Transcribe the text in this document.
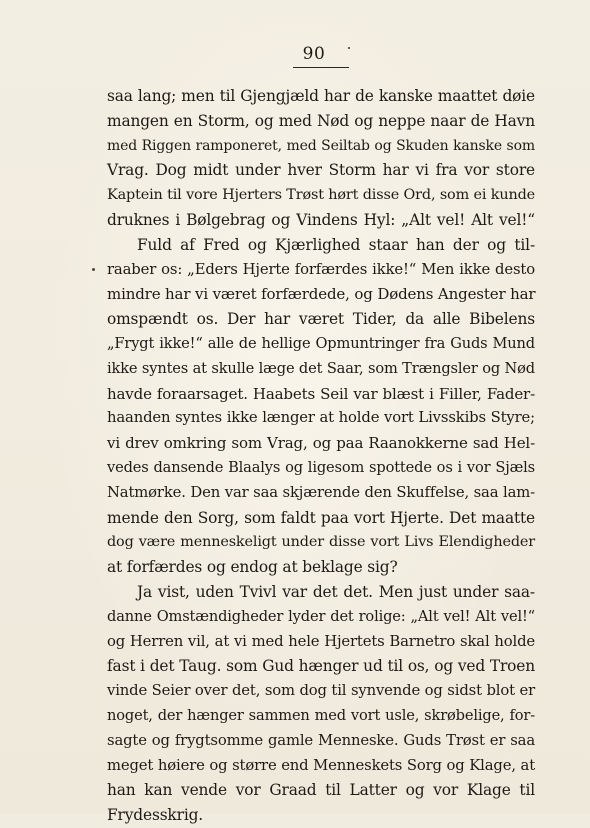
90
saa lang; men til Gjengjæld har de kanske maattet døie
mangen en Storm, og med Nød og neppe naar de Havn
med Riggen ramponeret, med Seiltab og Skuden kanske som
Vrag. Dog midt under hver Storm har vi fra vor store
Kaptein til vore Hjerters Trøst hørt disse Ord, som ei kunde
druknes i Bølgebrag og Vindens Hyl: „Alt vel! Alt vel!“
Fuld af Fred og Kjærlighed staar han der og til-
raaber os: „Eders Hjerte forfærdes ikke!“ Men ikke desto
mindre har vi været forfærdede, og Dødens Angester har
omspændt os. Der har været Tider, da alle Bibelens
„Frygt ikke!“ alle de hellige Opmuntringer fra Guds Mund
ikke syntes at skulle læge det Saar, som Trængsler og Nød
havde foraarsaget. Haabets Seil var blæst i Filler, Fader-
haanden syntes ikke længer at holde vort Livsskibs Styre;
vi drev omkring som Vrag, og paa Raanokkerne sad Hel-
vedes dansende Blaalys og ligesom spottede os i vor Sjæls
Natmørke. Den var saa skjærende den Skuffelse, saa lam-
mende den Sorg, som faldt paa vort Hjerte. Det maatte
dog være menneskeligt under disse vort Livs Elendigheder
at forfærdes og endog at beklage sig?
Ja vist, uden Tvivl var det det. Men just under saa-
danne Omstændigheder lyder det rolige: „Alt vel! Alt vel!“
og Herren vil, at vi med hele Hjertets Barnetro skal holde
fast i det Taug. som Gud hænger ud til os, og ved Troen
vinde Seier over det, som dog til synvende og sidst blot er
noget, der hænger sammen med vort usle, skrøbelige, for-
sagte og frygtsomme gamle Menneske. Guds Trøst er saa
meget høiere og større end Menneskets Sorg og Klage, at
han kan vende vor Graad til Latter og vor Klage til
Frydesskrig.
